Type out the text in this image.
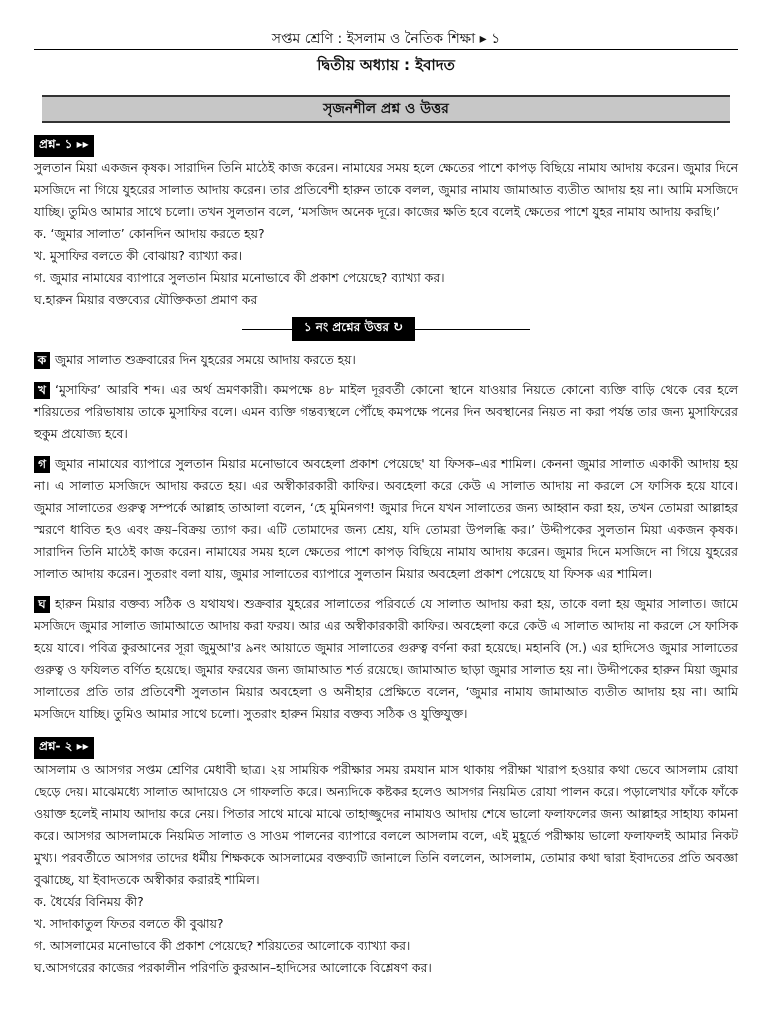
সপ্তম শ্রেণি : ইসলাম ও নৈতিক শিক্ষা ▸ ১
দ্বিতীয় অধ্যায় : ইবাদত
সৃজনশীল প্রশ্ন ও উত্তর
প্রশ্ন- ১ ▸▸

সুলতান মিয়া একজন কৃষক। সারাদিন তিনি মাঠেই কাজ করেন। নামাযের সময় হলে ক্ষেতের পাশে কাপড় বিছিয়ে নামায আদায় করেন। জুমার দিনে মসজিদে না গিয়ে যুহরের সালাত আদায় করেন। তার প্রতিবেশী হারুন তাকে বলল, জুমার নামায জামাআত ব্যতীত আদায় হয় না। আমি মসজিদে যাচ্ছি। তুমিও আমার সাথে চলো। তখন সুলতান বলে, ‘মসজিদ অনেক দূরে। কাজের ক্ষতি হবে বলেই ক্ষেতের পাশে যুহর নামায আদায় করছি।’

ক. ‘জুমার সালাত’ কোনদিন আদায় করতে হয়?

খ. মুসাফির বলতে কী বোঝায়? ব্যাখ্যা কর।

গ. জুমার নামাযের ব্যাপারে সুলতান মিয়ার মনোভাবে কী প্রকাশ পেয়েছে? ব্যাখ্যা কর।

ঘ.হারুন মিয়ার বক্তব্যের যৌক্তিকতা প্রমাণ কর

১ নং প্রশ্নের উত্তর ↻

ক জুমার সালাত শুক্রবারের দিন যুহরের সময়ে আদায় করতে হয়।

খ ‘মুসাফির’ আরবি শব্দ। এর অর্থ ভ্রমণকারী। কমপক্ষে ৪৮ মাইল দূরবর্তী কোনো স্থানে যাওয়ার নিয়তে কোনো ব্যক্তি বাড়ি থেকে বের হলে শরিয়তের পরিভাষায় তাকে মুসাফির বলে। এমন ব্যক্তি গন্তব্যস্থলে পৌঁছে কমপক্ষে পনের দিন অবস্থানের নিয়ত না করা পর্যন্ত তার জন্য মুসাফিরের হুকুম প্রযোজ্য হবে।

গ জুমার নামাযের ব্যাপারে সুলতান মিয়ার মনোভাবে অবহেলা প্রকাশ পেয়েছে' যা ফিসক–এর শামিল। কেননা জুমার সালাত একাকী আদায় হয় না। এ সালাত মসজিদে আদায় করতে হয়। এর অস্বীকারকারী কাফির। অবহেলা করে কেউ এ সালাত আদায় না করলে সে ফাসিক হয়ে যাবে। জুমার সালাতের গুরুত্ব সম্পর্কে আল্লাহ তাআলা বলেন, ‘হে মুমিনগণ! জুমার দিনে যখন সালাতের জন্য আহ্বান করা হয়, তখন তোমরা আল্লাহর স্মরণে ধাবিত হও এবং ক্রয়–বিক্রয় ত্যাগ কর। এটি তোমাদের জন্য শ্রেয়, যদি তোমরা উপলব্ধি কর।’ উদ্দীপকের সুলতান মিয়া একজন কৃষক। সারাদিন তিনি মাঠেই কাজ করেন। নামাযের সময় হলে ক্ষেতের পাশে কাপড় বিছিয়ে নামায আদায় করেন। জুমার দিনে মসজিদে না গিয়ে যুহরের সালাত আদায় করেন। সুতরাং বলা যায়, জুমার সালাতের ব্যাপারে সুলতান মিয়ার অবহেলা প্রকাশ পেয়েছে যা ফিসক এর শামিল।

ঘ হারুন মিয়ার বক্তব্য সঠিক ও যথাযথ। শুক্রবার যুহরের সালাতের পরিবর্তে যে সালাত আদায় করা হয়, তাকে বলা হয় জুমার সালাত। জামে মসজিদে জুমার সালাত জামাআতে আদায় করা ফরয। আর এর অস্বীকারকারী কাফির। অবহেলা করে কেউ এ সালাত আদায় না করলে সে ফাসিক হয়ে যাবে। পবিত্র কুরআনের সূরা জুমুআ'র ৯নং আয়াতে জুমার সালাতের গুরুত্ব বর্ণনা করা হয়েছে। মহানবি (স.) এর হাদিসেও জুমার সালাতের গুরুত্ব ও ফযিলত বর্ণিত হয়েছে। জুমার ফরযের জন্য জামাআত শর্ত রয়েছে। জামাআত ছাড়া জুমার সালাত হয় না। উদ্দীপকের হারুন মিয়া জুমার সালাতের প্রতি তার প্রতিবেশী সুলতান মিয়ার অবহেলা ও অনীহার প্রেক্ষিতে বলেন, ‘জুমার নামায জামাআত ব্যতীত আদায় হয় না। আমি মসজিদে যাচ্ছি। তুমিও আমার সাথে চলো। সুতরাং হারুন মিয়ার বক্তব্য সঠিক ও যুক্তিযুক্ত।

প্রশ্ন- ২ ▸▸

আসলাম ও আসগর সপ্তম শ্রেণির মেধাবী ছাত্র। ২য় সাময়িক পরীক্ষার সময় রমযান মাস থাকায় পরীক্ষা খারাপ হওয়ার কথা ভেবে আসলাম রোযা ছেড়ে দেয়। মাঝেমধ্যে সালাত আদায়েও সে গাফলতি করে। অন্যদিকে কষ্টকর হলেও আসগর নিয়মিত রোযা পালন করে। পড়ালেখার ফাঁকে ফাঁকে ওয়াক্ত হলেই নামায আদায় করে নেয়। পিতার সাথে মাঝে মাঝে তাহাজ্জুদের নামাযও আদায় শেষে ভালো ফলাফলের জন্য আল্লাহর সাহায্য কামনা করে। আসগর আসলামকে নিয়মিত সালাত ও সাওম পালনের ব্যাপারে বললে আসলাম বলে, এই মুহূর্তে পরীক্ষায় ভালো ফলাফলই আমার নিকট মুখ্য। পরবর্তীতে আসগর তাদের ধর্মীয় শিক্ষককে আসলামের বক্তব্যটি জানালে তিনি বললেন, আসলাম, তোমার কথা দ্বারা ইবাদতের প্রতি অবজ্ঞা বুঝাচ্ছে, যা ইবাদতকে অস্বীকার করারই শামিল।

ক. ধৈর্যের বিনিময় কী?

খ. সাদাকাতুল ফিতর বলতে কী বুঝায়?

গ. আসলামের মনোভাবে কী প্রকাশ পেয়েছে? শরিয়তের আলোকে ব্যাখ্যা কর।

ঘ.আসগরের কাজের পরকালীন পরিণতি কুরআন–হাদিসের আলোকে বিশ্লেষণ কর।
